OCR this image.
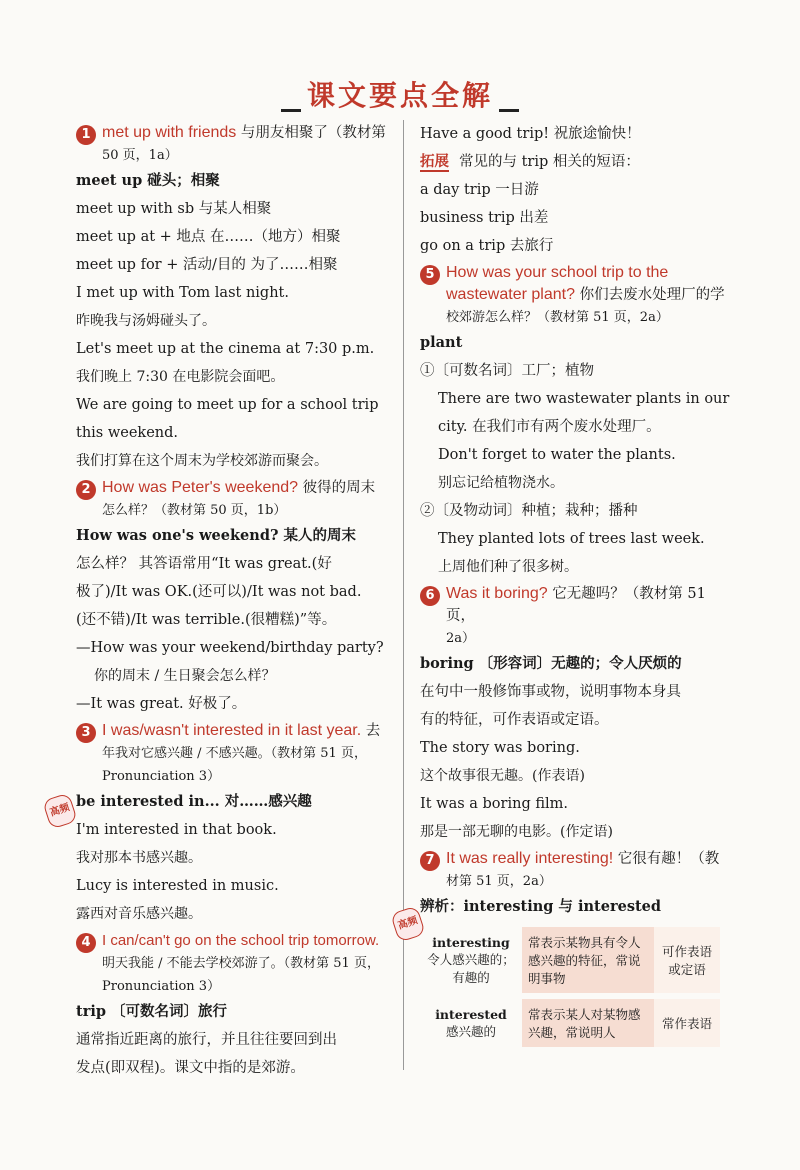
课文要点全解
1 met up with friends 与朋友相聚了（教材第
50 页，1a）
meet up 碰头；相聚
meet up with sb 与某人相聚
meet up at + 地点 在……（地方）相聚
meet up for + 活动/目的 为了……相聚
I met up with Tom last night.
昨晚我与汤姆碰头了。
Let's meet up at the cinema at 7:30 p.m.
我们晚上 7:30 在电影院会面吧。
We are going to meet up for a school trip
this weekend.
我们打算在这个周末为学校郊游而聚会。
2 How was Peter's weekend? 彼得的周末
怎么样？（教材第 50 页，1b）
How was one's weekend? 某人的周末
怎么样？ 其答语常用“It was great.(好
极了)/It was OK.(还可以)/It was not bad.
(还不错)/It was terrible.(很糟糕)”等。
—How was your weekend/birthday party?
你的周末 / 生日聚会怎么样？
—It was great. 好极了。
3 I was/wasn't interested in it last year. 去
年我对它感兴趣 / 不感兴趣。（教材第 51 页，
Pronunciation 3）
高频
be interested in... 对……感兴趣
I'm interested in that book.
我对那本书感兴趣。
Lucy is interested in music.
露西对音乐感兴趣。
4 I can/can't go on the school trip tomorrow.
明天我能 / 不能去学校郊游了。（教材第 51 页，
Pronunciation 3）
trip 〔可数名词〕旅行
通常指近距离的旅行，并且往往要回到出
发点(即双程)。课文中指的是郊游。
Have a good trip! 祝旅途愉快！
拓展 常见的与 trip 相关的短语：
a day trip 一日游
business trip 出差
go on a trip 去旅行
5 How was your school trip to the
wastewater plant? 你们去废水处理厂的学
校郊游怎么样？（教材第 51 页，2a）
plant
①〔可数名词〕工厂；植物
There are two wastewater plants in our
city. 在我们市有两个废水处理厂。
Don't forget to water the plants.
别忘记给植物浇水。
②〔及物动词〕种植；栽种；播种
They planted lots of trees last week.
上周他们种了很多树。
6 Was it boring? 它无趣吗？（教材第 51 页，
2a）
boring 〔形容词〕无趣的；令人厌烦的
在句中一般修饰事或物，说明事物本身具
有的特征，可作表语或定语。
The story was boring.
这个故事很无趣。(作表语)
It was a boring film.
那是一部无聊的电影。(作定语)
7 It was really interesting! 它很有趣！（教
材第 51 页，2a）
高频
辨析：interesting 与 interested
interesting
令人感兴趣的；有趣的	常表示某物具有令人感兴趣的特征，常说明事物	可作表语或定语
interested
感兴趣的	常表示某人对某物感兴趣，常说明人	常作表语
